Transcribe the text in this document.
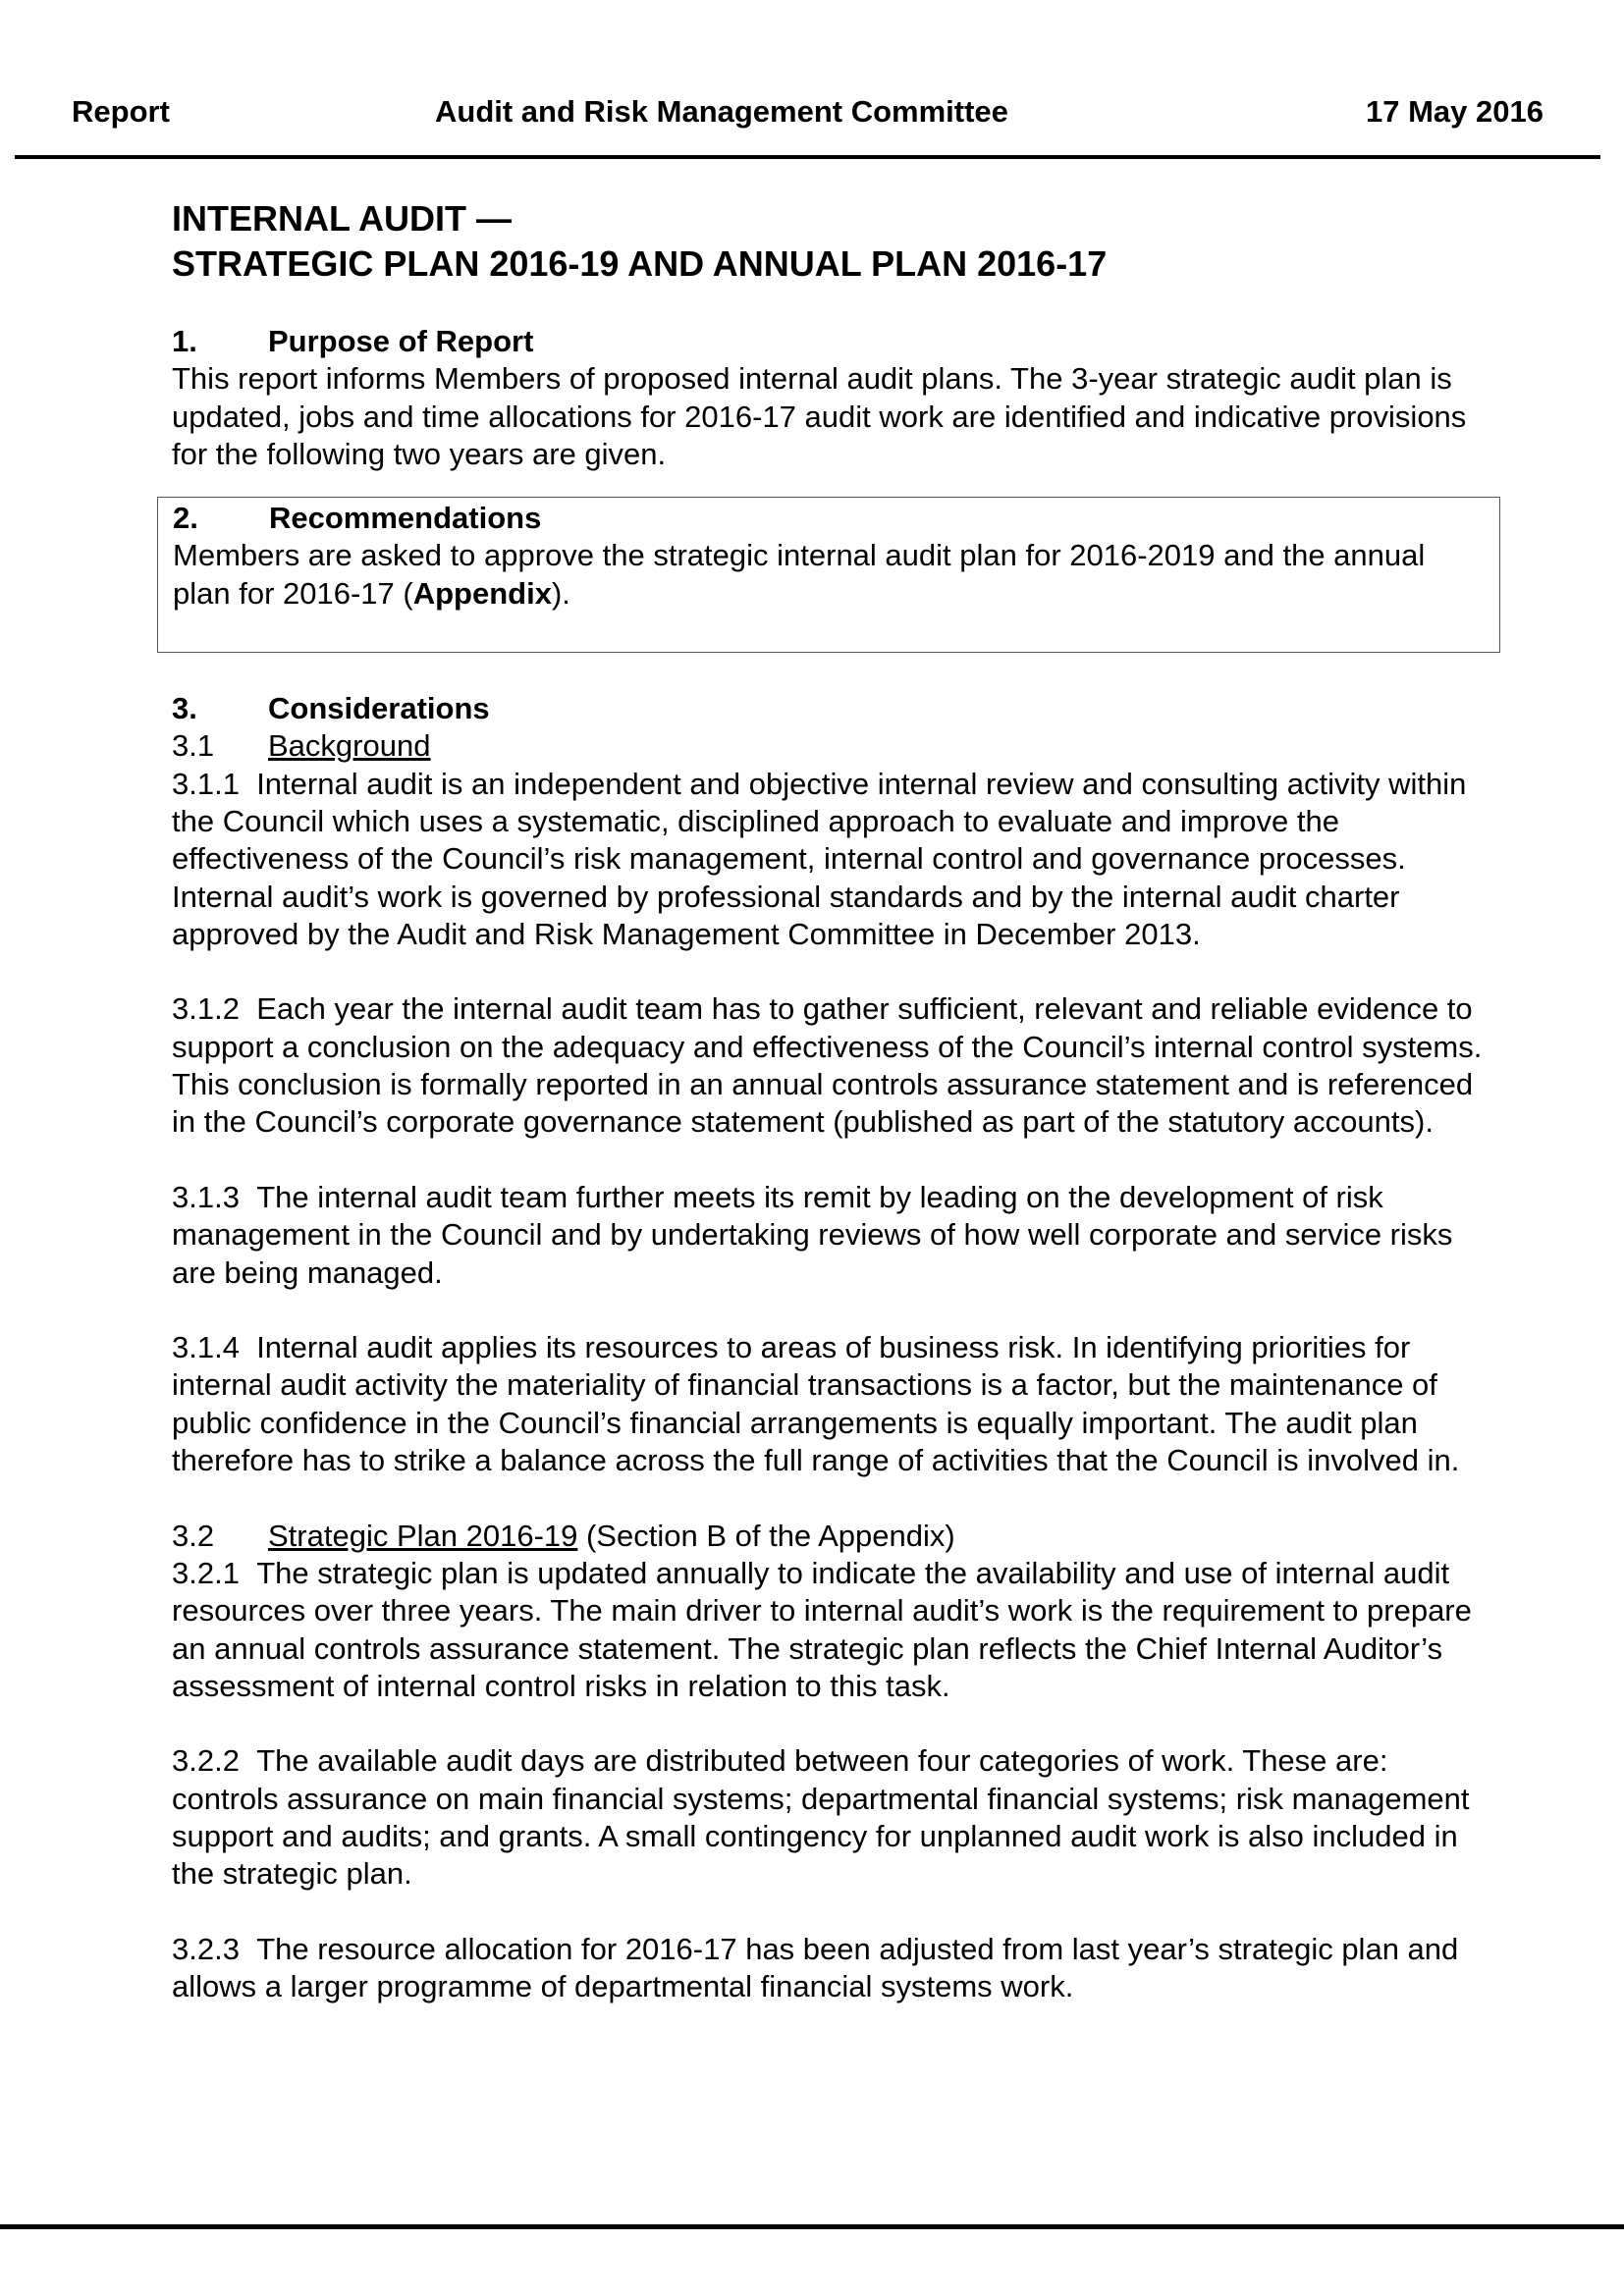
Report	Audit and Risk Management Committee	17 May 2016
INTERNAL AUDIT —
STRATEGIC PLAN 2016-19 AND ANNUAL PLAN 2016-17
1. Purpose of Report

This report informs Members of proposed internal audit plans. The 3-year strategic audit plan is updated, jobs and time allocations for 2016-17 audit work are identified and indicative provisions for the following two years are given.

2. Recommendations

Members are asked to approve the strategic internal audit plan for 2016-2019 and the annual plan for 2016-17 (Appendix).

3. Considerations
3.1 Background

3.1.1 Internal audit is an independent and objective internal review and consulting activity within the Council which uses a systematic, disciplined approach to evaluate and improve the effectiveness of the Council’s risk management, internal control and governance processes. Internal audit’s work is governed by professional standards and by the internal audit charter approved by the Audit and Risk Management Committee in December 2013.

3.1.2 Each year the internal audit team has to gather sufficient, relevant and reliable evidence to support a conclusion on the adequacy and effectiveness of the Council’s internal control systems. This conclusion is formally reported in an annual controls assurance statement and is referenced in the Council’s corporate governance statement (published as part of the statutory accounts).

3.1.3 The internal audit team further meets its remit by leading on the development of risk management in the Council and by undertaking reviews of how well corporate and service risks are being managed.

3.1.4 Internal audit applies its resources to areas of business risk. In identifying priorities for internal audit activity the materiality of financial transactions is a factor, but the maintenance of public confidence in the Council’s financial arrangements is equally important. The audit plan therefore has to strike a balance across the full range of activities that the Council is involved in.

3.2 Strategic Plan 2016-19 (Section B of the Appendix)

3.2.1 The strategic plan is updated annually to indicate the availability and use of internal audit resources over three years. The main driver to internal audit’s work is the requirement to prepare an annual controls assurance statement. The strategic plan reflects the Chief Internal Auditor’s assessment of internal control risks in relation to this task.

3.2.2 The available audit days are distributed between four categories of work. These are: controls assurance on main financial systems; departmental financial systems; risk management support and audits; and grants. A small contingency for unplanned audit work is also included in the strategic plan.

3.2.3 The resource allocation for 2016-17 has been adjusted from last year’s strategic plan and allows a larger programme of departmental financial systems work.
